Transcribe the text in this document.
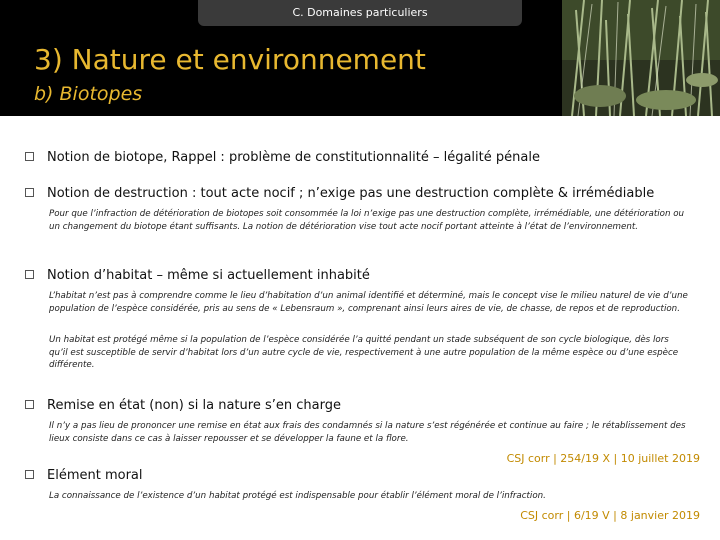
C. Domaines particuliers
3) Nature et environnement
b) Biotopes
Notion de biotope, Rappel : problème de constitutionnalité – légalité pénale
Notion de destruction : tout acte nocif ; n’exige pas une destruction complète & irrémédiable
Pour que l’infraction de détérioration de biotopes soit consommée la loi n’exige pas une destruction complète, irrémédiable, une détérioration ou un changement du biotope étant suffisants. La notion de détérioration vise tout acte nocif portant atteinte à l’état de l’environnement.
Notion d’habitat – même si actuellement inhabité
L’habitat n’est pas à comprendre comme le lieu d’habitation d’un animal identifié et déterminé, mais le concept vise le milieu naturel de vie d’une population de l’espèce considérée, pris au sens de « Lebensraum », comprenant ainsi leurs aires de vie, de chasse, de repos et de reproduction.
Un habitat est protégé même si la population de l’espèce considérée l’a quitté pendant un stade subséquent de son cycle biologique, dès lors qu’il est susceptible de servir d’habitat lors d’un autre cycle de vie, respectivement à une autre population de la même espèce ou d’une espèce différente.
Remise en état (non) si la nature s’en charge
Il n’y a pas lieu de prononcer une remise en état aux frais des condamnés si la nature s’est régénérée et continue au faire ; le rétablissement des lieux consiste dans ce cas à laisser repousser et se développer la faune et la flore.
CSJ corr | 254/19 X | 10 juillet 2019
Elément moral
La connaissance de l’existence d’un habitat protégé est indispensable pour établir l’élément moral de l’infraction.
CSJ corr | 6/19 V | 8 janvier 2019
